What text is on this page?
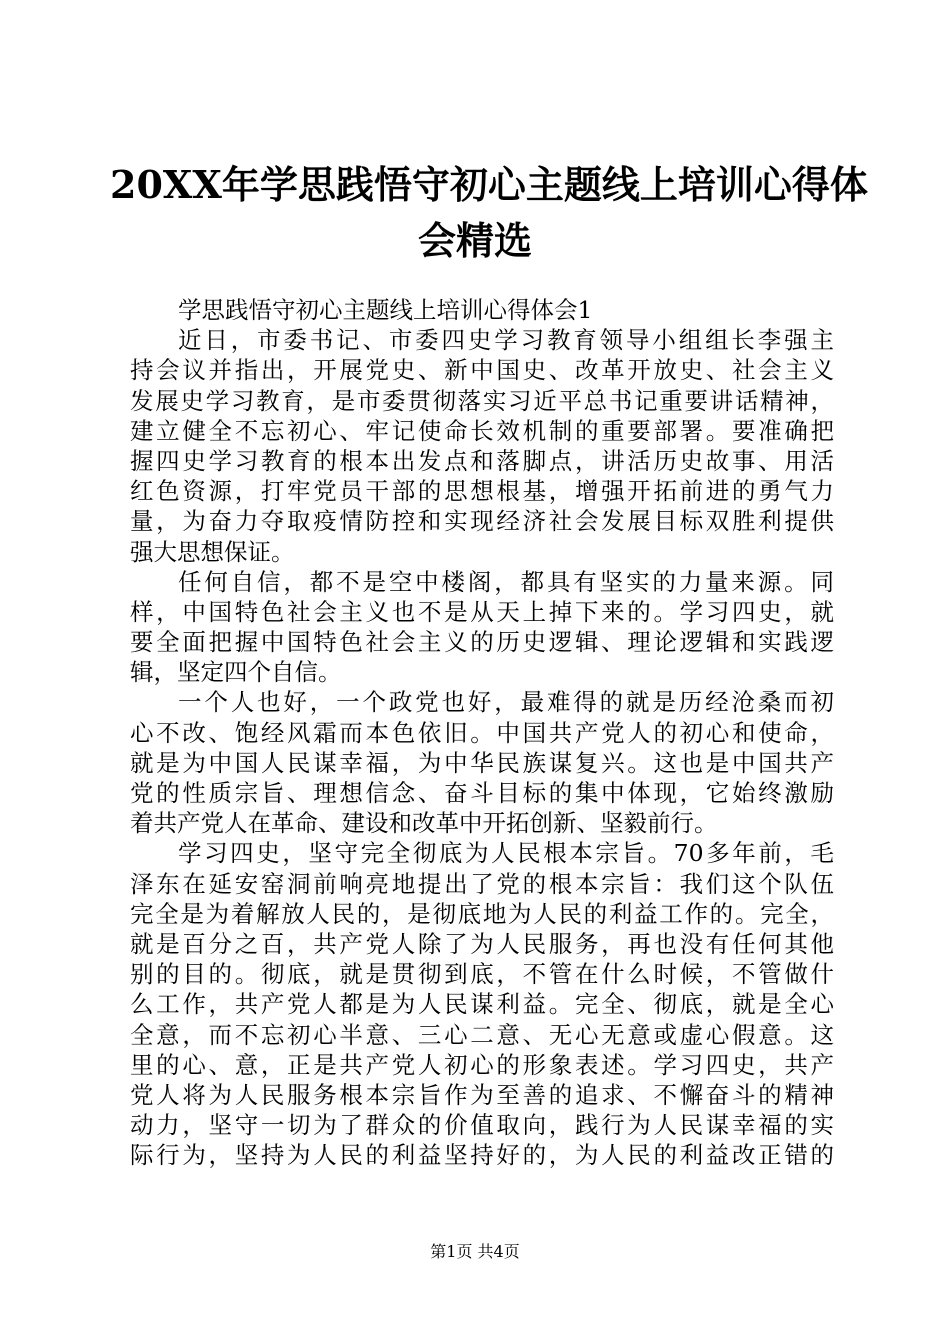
20XX年学思践悟守初心主题线上培训心得体
会精选
学思践悟守初心主题线上培训心得体会1
近日，市委书记、市委四史学习教育领导小组组长李强主
持会议并指出，开展党史、新中国史、改革开放史、社会主义
发展史学习教育，是市委贯彻落实习近平总书记重要讲话精神，
建立健全不忘初心、牢记使命长效机制的重要部署。要准确把
握四史学习教育的根本出发点和落脚点，讲活历史故事、用活
红色资源，打牢党员干部的思想根基，增强开拓前进的勇气力
量，为奋力夺取疫情防控和实现经济社会发展目标双胜利提供
强大思想保证。
任何自信，都不是空中楼阁，都具有坚实的力量来源。同
样，中国特色社会主义也不是从天上掉下来的。学习四史，就
要全面把握中国特色社会主义的历史逻辑、理论逻辑和实践逻
辑，坚定四个自信。
一个人也好，一个政党也好，最难得的就是历经沧桑而初
心不改、饱经风霜而本色依旧。中国共产党人的初心和使命，
就是为中国人民谋幸福，为中华民族谋复兴。这也是中国共产
党的性质宗旨、理想信念、奋斗目标的集中体现，它始终激励
着共产党人在革命、建设和改革中开拓创新、坚毅前行。
学习四史，坚守完全彻底为人民根本宗旨。70多年前，毛
泽东在延安窑洞前响亮地提出了党的根本宗旨：我们这个队伍
完全是为着解放人民的，是彻底地为人民的利益工作的。完全，
就是百分之百，共产党人除了为人民服务，再也没有任何其他
别的目的。彻底，就是贯彻到底，不管在什么时候，不管做什
么工作，共产党人都是为人民谋利益。完全、彻底，就是全心
全意，而不忘初心半意、三心二意、无心无意或虚心假意。这
里的心、意，正是共产党人初心的形象表述。学习四史，共产
党人将为人民服务根本宗旨作为至善的追求、不懈奋斗的精神
动力，坚守一切为了群众的价值取向，践行为人民谋幸福的实
际行为，坚持为人民的利益坚持好的，为人民的利益改正错的
第1页 共4页
